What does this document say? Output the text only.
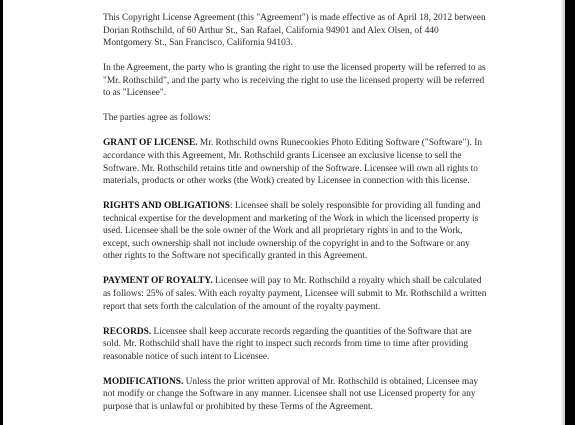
This Copyright License Agreement (this "Agreement") is made effective as of April 18, 2012 between Dorian Rothschild, of 60 Arthur St., San Rafael, California 94901 and Alex Olsen, of 440 Montgomery St., San Francisco, California 94103.

In the Agreement, the party who is granting the right to use the licensed property will be referred to as "Mr. Rothschild", and the party who is receiving the right to use the licensed property will be referred to as "Licensee".

The parties agree as follows:

GRANT OF LICENSE. Mr. Rothschild owns Runecookies Photo Editing Software ("Software"). In accordance with this Agreement, Mr. Rothschild grants Licensee an exclusive license to sell the Software. Mr. Rothschild retains title and ownership of the Software. Licensee will own all rights to materials, products or other works (the Work) created by Licensee in connection with this license.

RIGHTS AND OBLIGATIONS: Licensee shall be solely responsible for providing all funding and technical expertise for the development and marketing of the Work in which the licensed property is used. Licensee shall be the sole owner of the Work and all proprietary rights in and to the Work, except, such ownership shall not include ownership of the copyright in and to the Software or any other rights to the Software not specifically granted in this Agreement.

PAYMENT OF ROYALTY. Licensee will pay to Mr. Rothschild a royalty which shall be calculated as follows: 25% of sales. With each royalty payment, Licensee will submit to Mr. Rothschild a written report that sets forth the calculation of the amount of the royalty payment.

RECORDS. Licensee shall keep accurate records regarding the quantities of the Software that are sold. Mr. Rothschild shall have the right to inspect such records from time to time after providing reasonable notice of such intent to Licensee.

MODIFICATIONS. Unless the prior written approval of Mr. Rothschild is obtained, Licensee may not modify or change the Software in any manner. Licensee shall not use Licensed property for any purpose that is unlawful or prohibited by these Terms of the Agreement.
